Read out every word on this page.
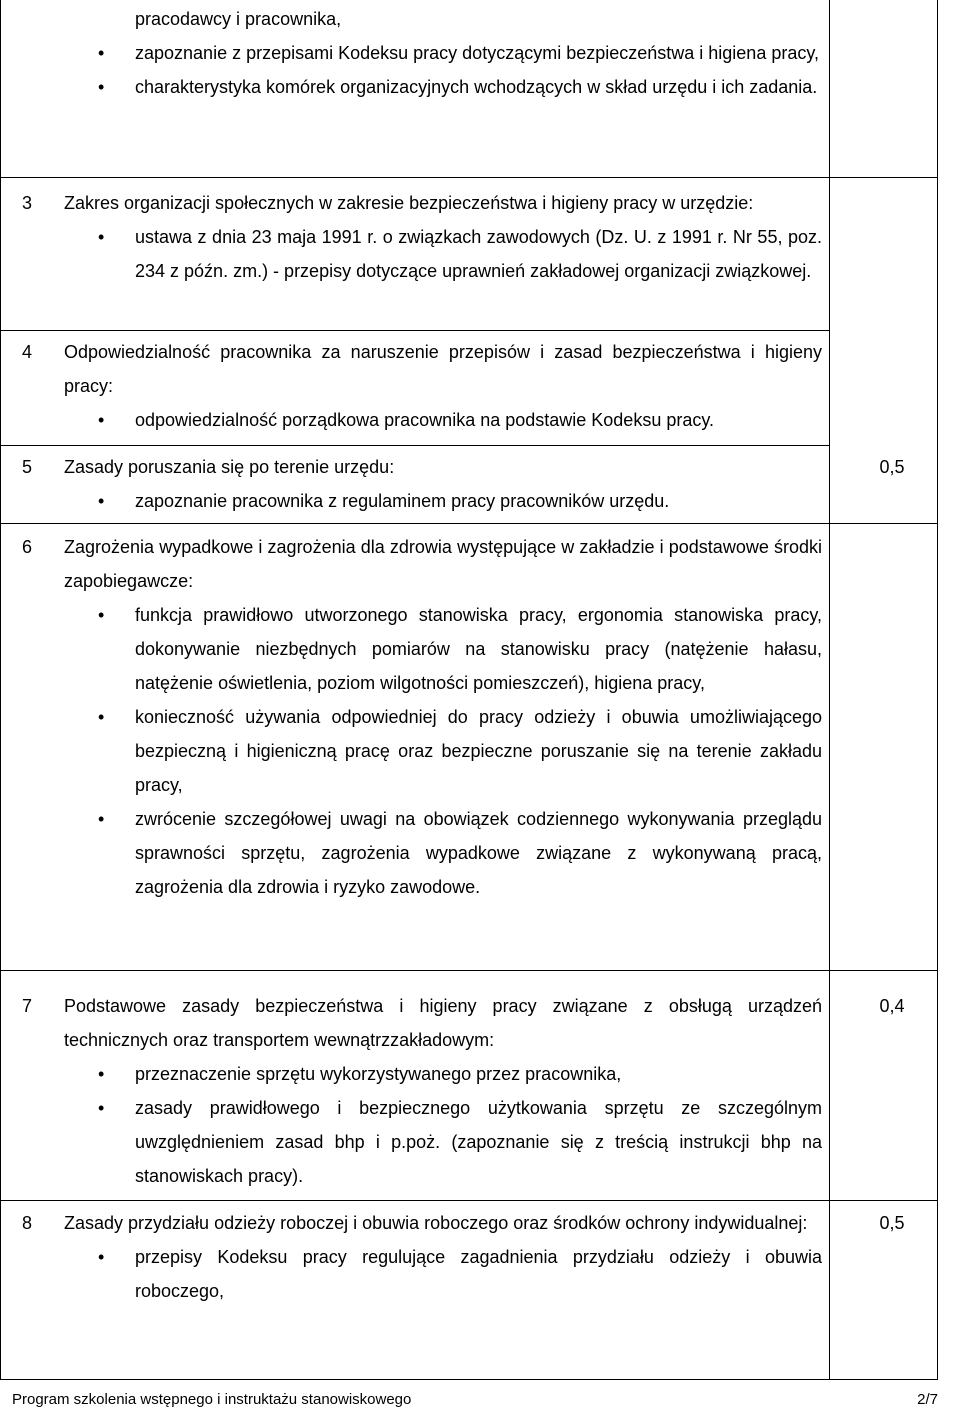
pracodawcy i pracownika,
• zapoznanie z przepisami Kodeksu pracy dotyczącymi bezpieczeństwa i higiena pracy,
• charakterystyka komórek organizacyjnych wchodzących w skład urzędu i ich zadania.
3 Zakres organizacji społecznych w zakresie bezpieczeństwa i higieny pracy w urzędzie:
• ustawa z dnia 23 maja 1991 r. o związkach zawodowych (Dz. U. z 1991 r. Nr 55, poz. 234 z późn. zm.) - przepisy dotyczące uprawnień zakładowej organizacji związkowej.
4 Odpowiedzialność pracownika za naruszenie przepisów i zasad bezpieczeństwa i higieny pracy:
• odpowiedzialność porządkowa pracownika na podstawie Kodeksu pracy.
5 Zasady poruszania się po terenie urzędu:
• zapoznanie pracownika z regulaminem pracy pracowników urzędu.
0,5
6 Zagrożenia wypadkowe i zagrożenia dla zdrowia występujące w zakładzie i podstawowe środki zapobiegawcze:
• funkcja prawidłowo utworzonego stanowiska pracy, ergonomia stanowiska pracy, dokonywanie niezbędnych pomiarów na stanowisku pracy (natężenie hałasu, natężenie oświetlenia, poziom wilgotności pomieszczeń), higiena pracy,
• konieczność używania odpowiedniej do pracy odzieży i obuwia umożliwiającego bezpieczną i higieniczną pracę oraz bezpieczne poruszanie się na terenie zakładu pracy,
• zwrócenie szczegółowej uwagi na obowiązek codziennego wykonywania przeglądu sprawności sprzętu, zagrożenia wypadkowe związane z wykonywaną pracą, zagrożenia dla zdrowia i ryzyko zawodowe.
7 Podstawowe zasady bezpieczeństwa i higieny pracy związane z obsługą urządzeń technicznych oraz transportem wewnątrzzakładowym:
• przeznaczenie sprzętu wykorzystywanego przez pracownika,
• zasady prawidłowego i bezpiecznego użytkowania sprzętu ze szczególnym uwzględnieniem zasad bhp i p.poż. (zapoznanie się z treścią instrukcji bhp na stanowiskach pracy).
0,4
8 Zasady przydziału odzieży roboczej i obuwia roboczego oraz środków ochrony indywidualnej:
• przepisy Kodeksu pracy regulujące zagadnienia przydziału odzieży i obuwia roboczego,
0,5
Program szkolenia wstępnego i instruktażu stanowiskowego	2/7
